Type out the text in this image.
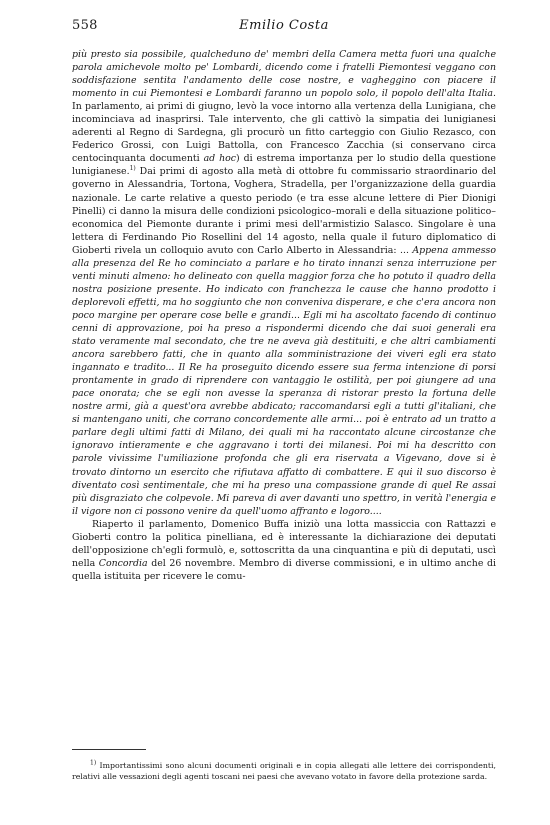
558	Emilio Costa

più presto sia possibile, qualcheduno de' membri della Camera metta fuori una qualche parola amichevole molto pe' Lombardi, dicendo come i fratelli Piemontesi veggano con soddisfazione sentita l'andamento delle cose nostre, e vagheggino con piacere il momento in cui Piemontesi e Lombardi faranno un popolo solo, il popolo dell'alta Italia. In parlamento, ai primi di giugno, levò la voce intorno alla vertenza della Lunigiana, che incominciava ad inasprirsi. Tale intervento, che gli cattivò la simpatia dei lunigianesi aderenti al Regno di Sardegna, gli procurò un fitto carteggio con Giulio Rezasco, con Federico Grossi, con Luigi Battolla, con Francesco Zacchia (si conservano circa centocinquanta documenti ad hoc) di estrema importanza per lo studio della questione lunigianese.$^{1)}$ Dai primi di agosto alla metà di ottobre fu commissario straordinario del governo in Alessandria, Tortona, Voghera, Stradella, per l'organizzazione della guardia nazionale. Le carte relative a questo periodo (e tra esse alcune lettere di Pier Dionigi Pinelli) ci danno la misura delle condizioni psicologico–morali e della situazione politico–economica del Piemonte durante i primi mesi dell'armistizio Salasco. Singolare è una lettera di Ferdinando Pio Rosellini del 14 agosto, nella quale il futuro diplomatico di Gioberti rivela un colloquio avuto con Carlo Alberto in Alessandria: ... Appena ammesso alla presenza del Re ho cominciato a parlare e ho tirato innanzi senza interruzione per venti minuti almeno: ho delineato con quella maggior forza che ho potuto il quadro della nostra posizione presente. Ho indicato con franchezza le cause che hanno prodotto i deplorevoli effetti, ma ho soggiunto che non conveniva disperare, e che c'era ancora non poco margine per operare cose belle e grandi... Egli mi ha ascoltato facendo di continuo cenni di approvazione, poi ha preso a rispondermi dicendo che dai suoi generali era stato veramente mal secondato, che tre ne aveva già destituiti, e che altri cambiamenti ancora sarebbero fatti, che in quanto alla somministrazione dei viveri egli era stato ingannato e tradito... Il Re ha proseguito dicendo essere sua ferma intenzione di porsi prontamente in grado di riprendere con vantaggio le ostilità, per poi giungere ad una pace onorata; che se egli non avesse la speranza di ristorar presto la fortuna delle nostre armi, già a quest'ora avrebbe abdicato; raccomandarsi egli a tutti gl'italiani, che si mantengano uniti, che corrano concordemente alle armi... poi è entrato ad un tratto a parlare degli ultimi fatti di Milano, dei quali mi ha raccontato alcune circostanze che ignoravo intieramente e che aggravano i torti dei milanesi. Poi mi ha descritto con parole vivissime l'umiliazione profonda che gli era riservata a Vigevano, dove si è trovato dintorno un esercito che rifiutava affatto di combattere. E qui il suo discorso è diventato così sentimentale, che mi ha preso una compassione grande di quel Re assai più disgraziato che colpevole. Mi pareva di aver davanti uno spettro, in verità l'energia e il vigore non ci possono venire da quell'uomo affranto e logoro....

Riaperto il parlamento, Domenico Buffa iniziò una lotta massiccia con Rattazzi e Gioberti contro la politica pinelliana, ed è interessante la dichiarazione dei deputati dell'opposizione ch'egli formulò, e, sottoscritta da una cinquantina e più di deputati, uscì nella Concordia del 26 novembre. Membro di diverse commissioni, e in ultimo anche di quella istituita per ricevere le comu-

$^{1)}$ Importantissimi sono alcuni documenti originali e in copia allegati alle lettere dei corrispondenti, relativi alle vessazioni degli agenti toscani nei paesi che avevano votato in favore della protezione sarda.
